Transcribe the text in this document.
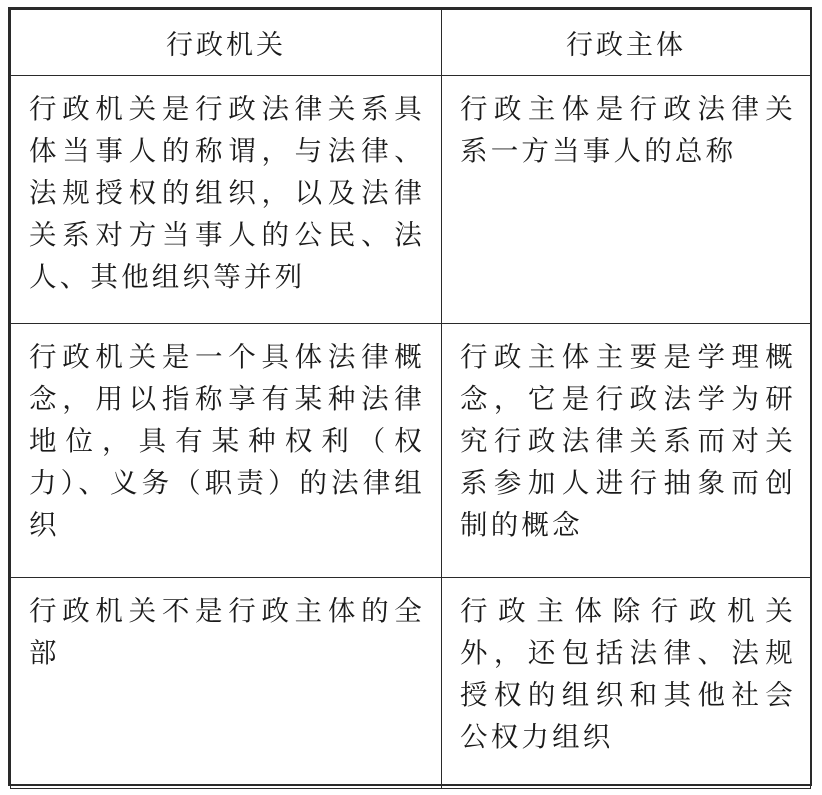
行政机关	行政主体
行政机关是行政法律关系具体当事人的称谓，与法律、法规授权的组织，以及法律关系对方当事人的公民、法人、其他组织等并列	行政主体是行政法律关系一方当事人的总称
行政机关是一个具体法律概念，用以指称享有某种法律地位，具有某种权利（权力）、义务（职责）的法律组织	行政主体主要是学理概念，它是行政法学为研究行政法律关系而对关系参加人进行抽象而创制的概念
行政机关不是行政主体的全部	行政主体除行政机关外，还包括法律、法规授权的组织和其他社会公权力组织
